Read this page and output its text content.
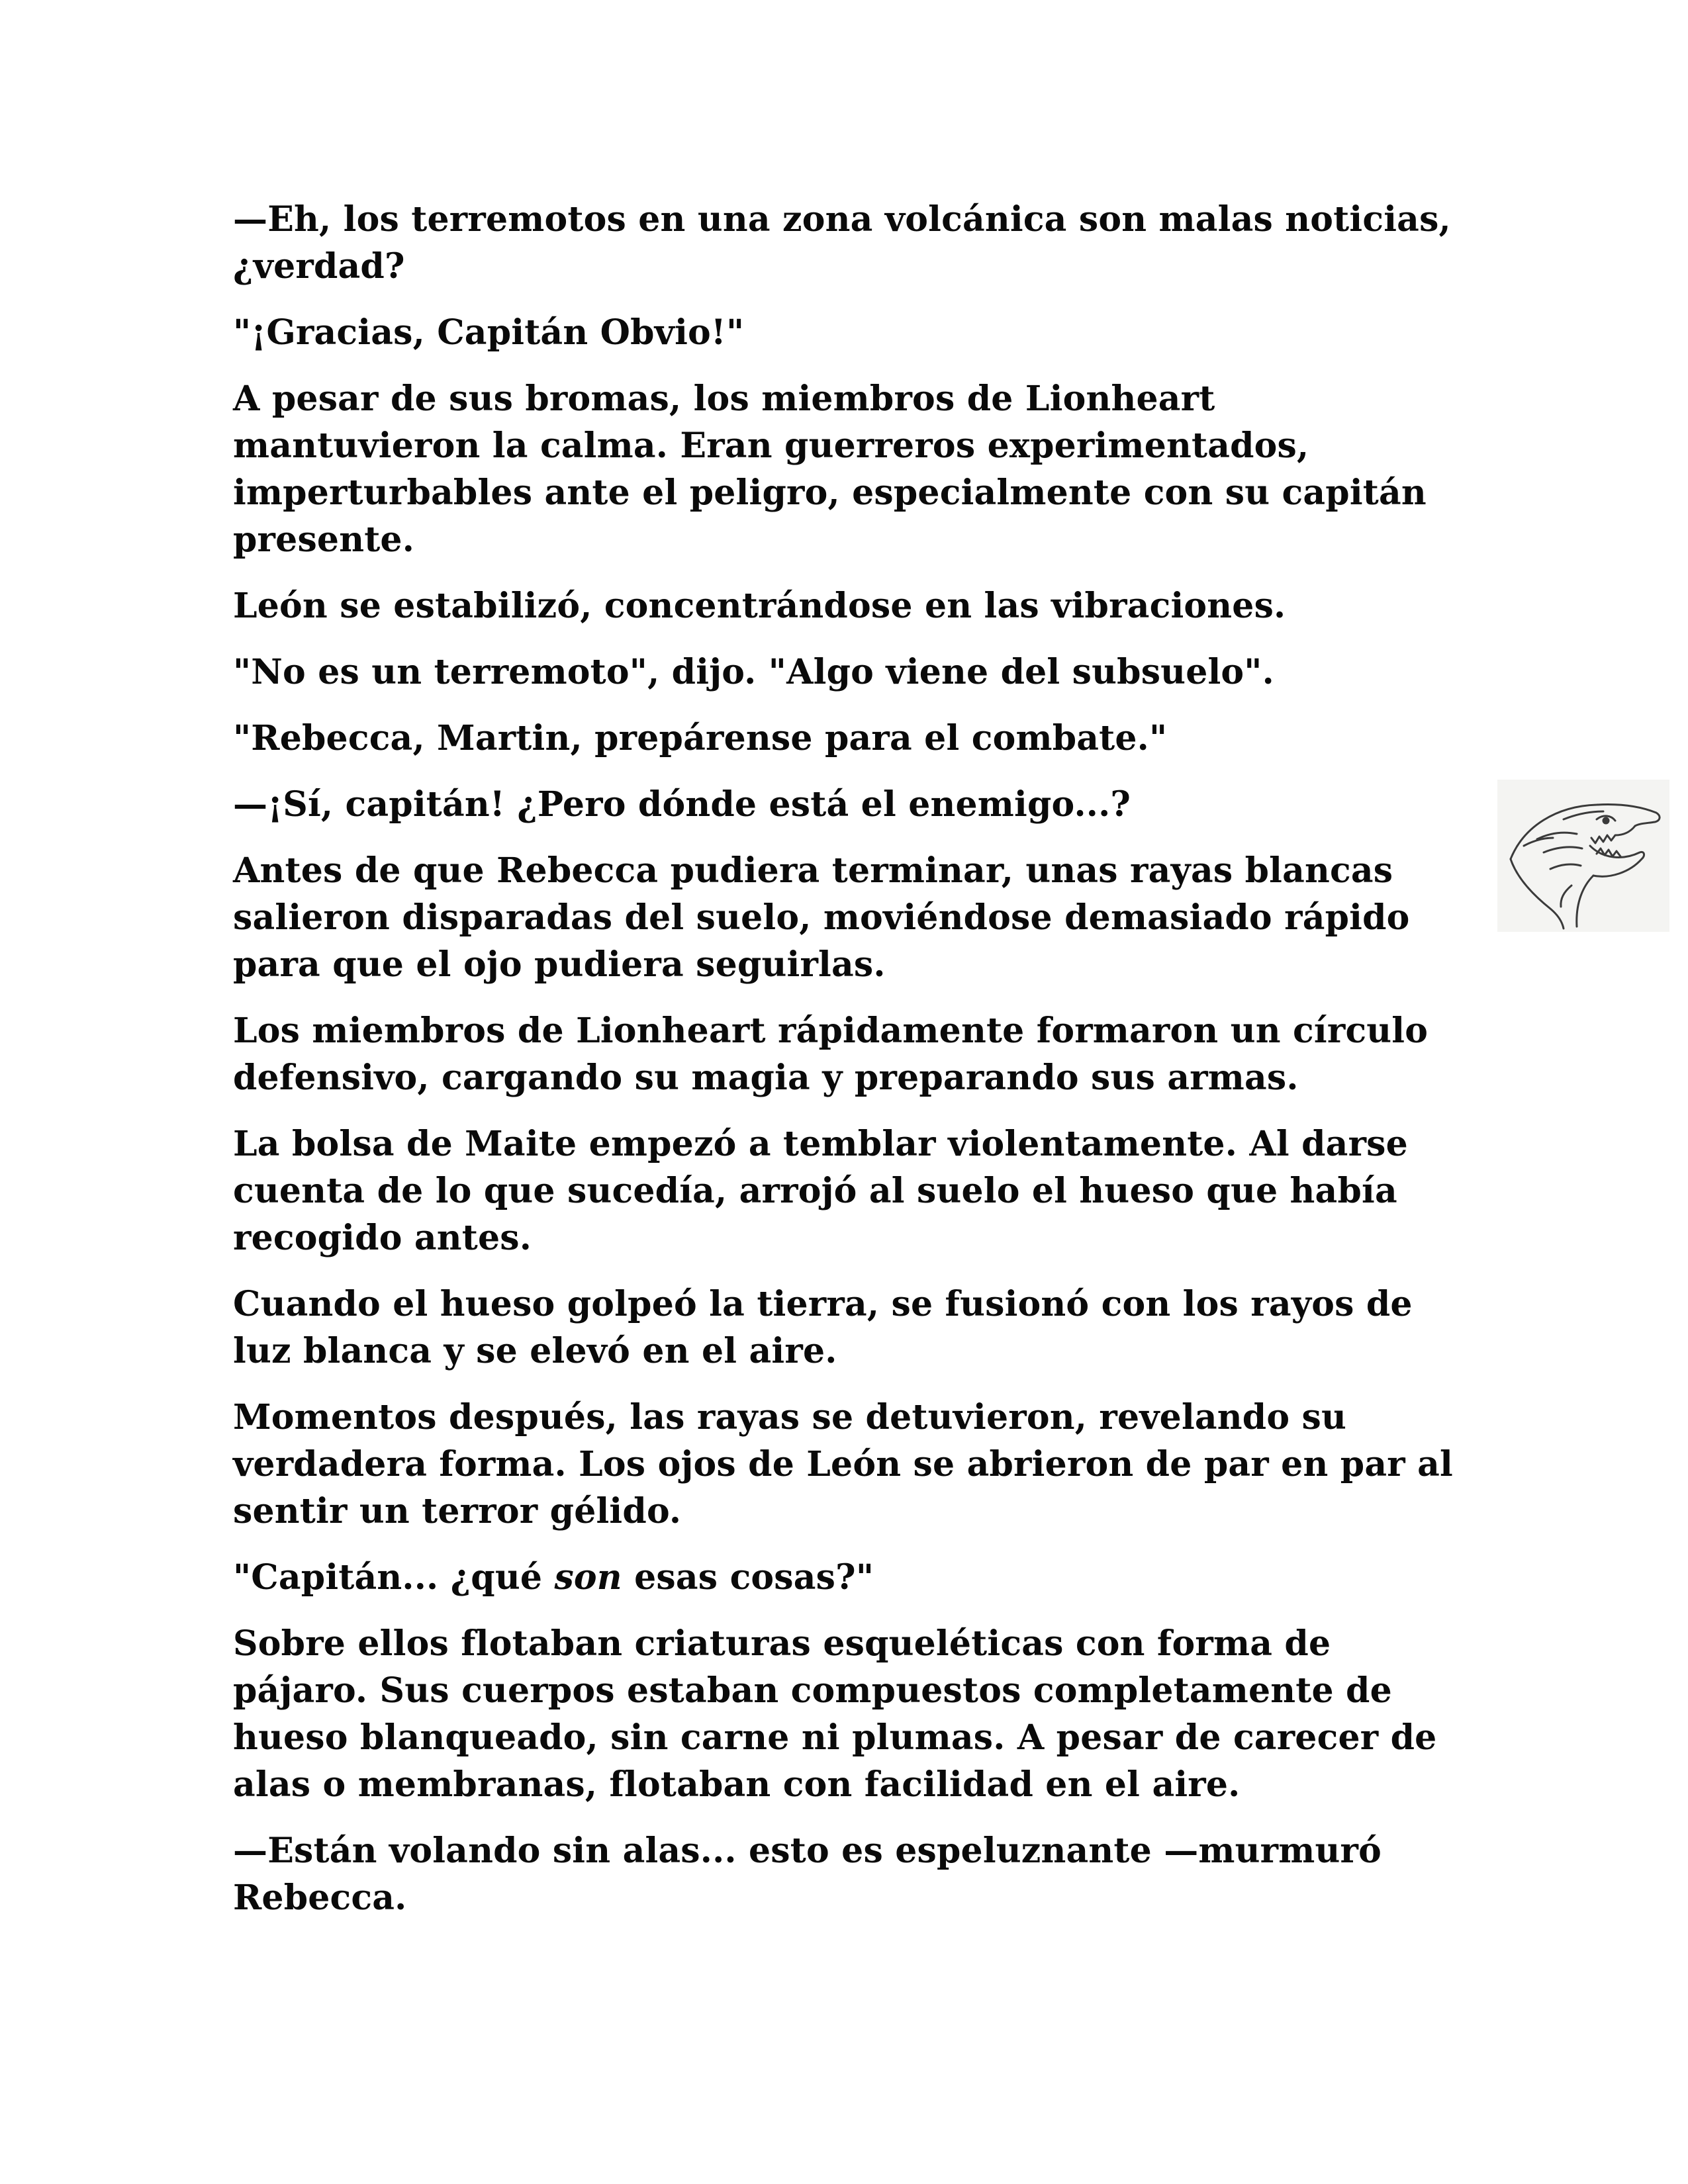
—Eh, los terremotos en una zona volcánica son malas noticias, ¿verdad?

"¡Gracias, Capitán Obvio!"

A pesar de sus bromas, los miembros de Lionheart mantuvieron la calma. Eran guerreros experimentados, imperturbables ante el peligro, especialmente con su capitán presente.

León se estabilizó, concentrándose en las vibraciones.

"No es un terremoto", dijo. "Algo viene del subsuelo".

"Rebecca, Martin, prepárense para el combate."

—¡Sí, capitán! ¿Pero dónde está el enemigo...?

Antes de que Rebecca pudiera terminar, unas rayas blancas salieron disparadas del suelo, moviéndose demasiado rápido para que el ojo pudiera seguirlas.

Los miembros de Lionheart rápidamente formaron un círculo defensivo, cargando su magia y preparando sus armas.

La bolsa de Maite empezó a temblar violentamente. Al darse cuenta de lo que sucedía, arrojó al suelo el hueso que había recogido antes.

Cuando el hueso golpeó la tierra, se fusionó con los rayos de luz blanca y se elevó en el aire.

Momentos después, las rayas se detuvieron, revelando su verdadera forma. Los ojos de León se abrieron de par en par al sentir un terror gélido.

"Capitán... ¿qué son esas cosas?"

Sobre ellos flotaban criaturas esqueléticas con forma de pájaro. Sus cuerpos estaban compuestos completamente de hueso blanqueado, sin carne ni plumas. A pesar de carecer de alas o membranas, flotaban con facilidad en el aire.

—Están volando sin alas... esto es espeluznante —murmuró Rebecca.
